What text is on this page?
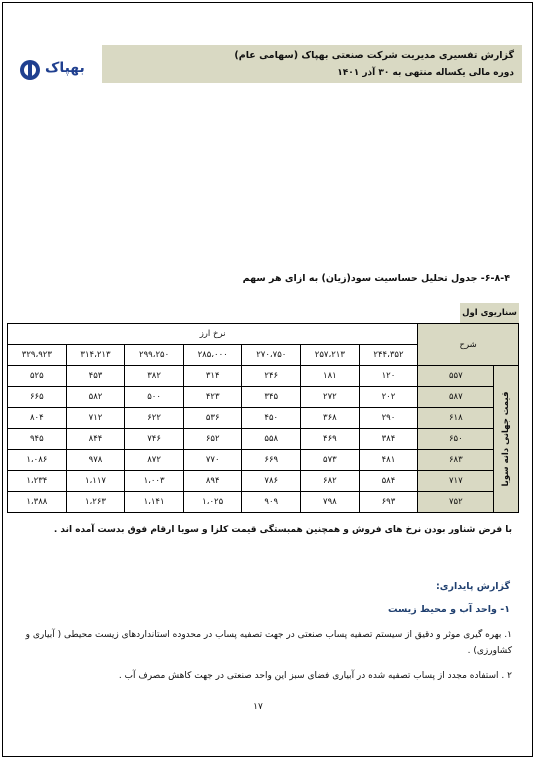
بهپاک
گزارش تفسیری مدیریت شرکت صنعتی بهپاک (سهامی عام)
دوره مالی یکساله منتهی به ۳۰ آذر ۱۴۰۱
۶-۸-۴- جدول تحلیل حساسیت سود(زیان) به ازای هر سهم
سناریوی اول
شرح		نرخ ارز						
		۲۴۴،۳۵۲	۲۵۷،۲۱۳	۲۷۰،۷۵۰	۲۸۵،۰۰۰	۲۹۹،۲۵۰	۳۱۴،۲۱۳	۳۲۹،۹۲۳

قیمت جهانی دانه سویا	۵۵۷	۱۲۰	۱۸۱	۲۴۶	۳۱۴	۳۸۲	۴۵۳	۵۲۵
	۵۸۷	۲۰۲	۲۷۲	۳۴۵	۴۲۳	۵۰۰	۵۸۲	۶۶۵
	۶۱۸	۲۹۰	۳۶۸	۴۵۰	۵۳۶	۶۲۲	۷۱۲	۸۰۴
	۶۵۰	۳۸۴	۴۶۹	۵۵۸	۶۵۲	۷۴۶	۸۴۴	۹۴۵
	۶۸۳	۴۸۱	۵۷۳	۶۶۹	۷۷۰	۸۷۲	۹۷۸	۱،۰۸۶
	۷۱۷	۵۸۴	۶۸۲	۷۸۶	۸۹۴	۱،۰۰۳	۱،۱۱۷	۱،۲۳۴
	۷۵۲	۶۹۳	۷۹۸	۹۰۹	۱،۰۲۵	۱،۱۴۱	۱،۲۶۳	۱،۳۸۸
با فرض شناور بودن نرخ های فروش و همچنین همبستگی قیمت کلزا و سویا ارقام فوق بدست آمده اند .
گزارش پایداری:
۱- واحد آب و محیط زیست
۱. بهره گیری موثر و دقیق از سیستم تصفیه پساب صنعتی در جهت تصفیه پساب در محدوده استانداردهای زیست محیطی ( آبیاری و کشاورزی) .
۲ . استفاده مجدد از پساب تصفیه شده در آبیاری فضای سبز این واحد صنعتی در جهت کاهش مصرف آب .
۱۷
